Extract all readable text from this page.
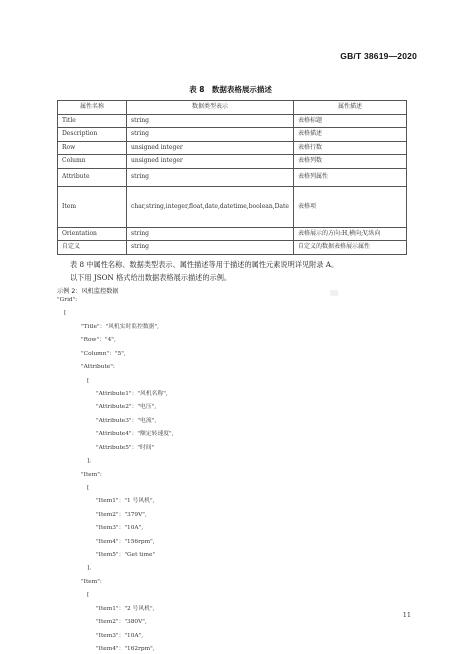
GB/T 38619—2020
表 8　数据表格展示描述
属性名称	数据类型表示	属性描述
Title	string	表格标题
Description	string	表格描述
Row	unsigned integer	表格行数
Column	unsigned integer	表格列数
Attribute	string	表格列属性
Item	char,string,integer,float,date,datetime,boolean,Date	表格项
Orientation	string	表格展示的方向:H,横向;V,纵向
自定义	string	自定义的数据表格展示属性
表 8 中属性名称、数据类型表示、属性描述等用于描述的属性元素说明详见附录 A。
以下用 JSON 格式给出数据表格展示描述的示例。
示例 2：风机监控数据
"Grid":
[
"Title"："风机实时监控数据",
"Row"："4",
"Column"："5",
"Attribute":
[
"Attribute1"："风机名称",
"Attribute2"："电压",
"Attribute3"："电流",
"Attribute4"："额定转速度",
"Attribute5"："时间"
],
"Item":
[
"Item1"："1 号风机",
"Item2"："379V",
"Item3"："10A",
"Item4"："156rpm",
"Item5"："Get time"
],
"Item":
[
"Item1"："2 号风机",
"Item2"："380V",
"Item3"："10A",
"Item4"："162rpm",
11
